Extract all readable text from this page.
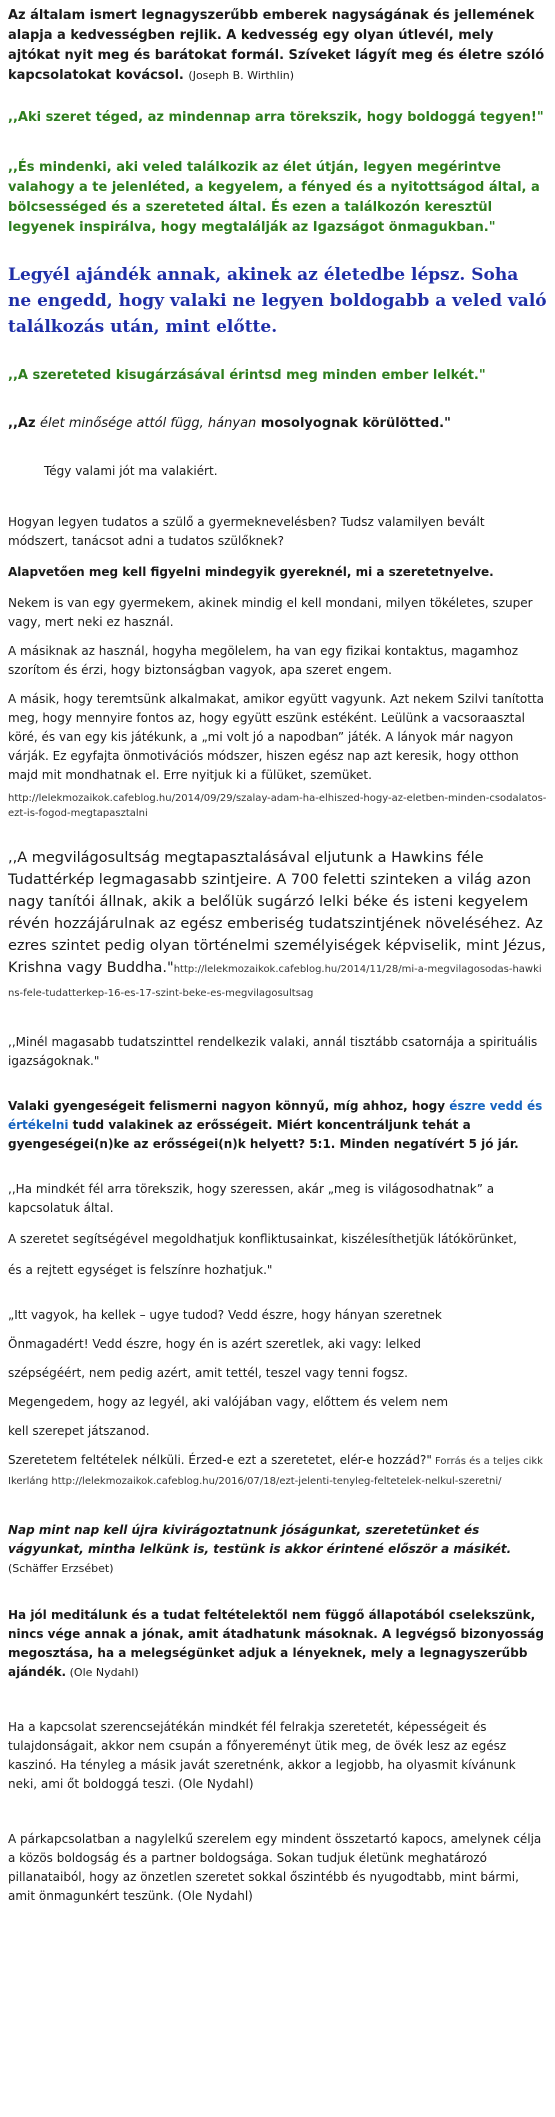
Az általam ismert legnagyszerűbb emberek nagyságának és jellemének alapja a kedvességben rejlik. A kedvesség egy olyan útlevél, mely ajtókat nyit meg és barátokat formál. Szíveket lágyít meg és életre szóló kapcsolatokat kovácsol. (Joseph B. Wirthlin)

,,Aki szeret téged, az mindennap arra törekszik, hogy boldoggá tegyen!"

,,És mindenki, aki veled találkozik az élet útján, legyen megérintve valahogy a te jelenléted, a kegyelem, a fényed és a nyitottságod által, a bölcsességed és a szereteted által. És ezen a találkozón keresztül legyenek inspirálva, hogy megtalálják az Igazságot önmagukban."

Legyél ajándék annak, akinek az életedbe lépsz. Soha ne engedd, hogy valaki ne legyen boldogabb a veled való találkozás után, mint előtte.

,,A szereteted kisugárzásával érintsd meg minden ember lelkét."

,,Az élet minősége attól függ, hányan mosolyognak körülötted."

Tégy valami jót ma valakiért.

Hogyan legyen tudatos a szülő a gyermeknevelésben? Tudsz valamilyen bevált módszert, tanácsot adni a tudatos szülőknek?

Alapvetően meg kell figyelni mindegyik gyereknél, mi a szeretetnyelve.

Nekem is van egy gyermekem, akinek mindig el kell mondani, milyen tökéletes, szuper vagy, mert neki ez használ.

A másiknak az használ, hogyha megölelem, ha van egy fizikai kontaktus, magamhoz szorítom és érzi, hogy biztonságban vagyok, apa szeret engem.

A másik, hogy teremtsünk alkalmakat, amikor együtt vagyunk. Azt nekem Szilvi tanította meg, hogy mennyire fontos az, hogy együtt eszünk estéként. Leülünk a vacsoraasztal köré, és van egy kis játékunk, a „mi volt jó a napodban” játék. A lányok már nagyon várják. Ez egyfajta önmotivációs módszer, hiszen egész nap azt keresik, hogy otthon majd mit mondhatnak el. Erre nyitjuk ki a fülüket, szemüket.

http://lelekmozaikok.cafeblog.hu/2014/09/29/szalay-adam-ha-elhiszed-hogy-az-eletben-minden-csodalatos-ezt-is-fogod-megtapasztalni

,,A megvilágosultság megtapasztalásával eljutunk a Hawkins féle Tudattérkép legmagasabb szintjeire. A 700 feletti szinteken a világ azon nagy tanítói állnak, akik a belőlük sugárzó lelki béke és isteni kegyelem révén hozzájárulnak az egész emberiség tudatszintjének növeléséhez. Az ezres szintet pedig olyan történelmi személyiségek képviselik, mint Jézus, Krishna vagy Buddha."http://lelekmozaikok.cafeblog.hu/2014/11/28/mi-a-megvilagosodas-hawkins-fele-tudatterkep-16-es-17-szint-beke-es-megvilagosultsag

,,Minél magasabb tudatszinttel rendelkezik valaki, annál tisztább csatornája a spirituális igazságoknak."

Valaki gyengeségeit felismerni nagyon könnyű, míg ahhoz, hogy észre vedd és értékelni tudd valakinek az erősségeit. Miért koncentráljunk tehát a gyengeségei(n)ke az erősségei(n)k helyett? 5:1. Minden negatívért 5 jó jár.

,,Ha mindkét fél arra törekszik, hogy szeressen, akár „meg is világosodhatnak” a kapcsolatuk által.

A szeretet segítségével megoldhatjuk konfliktusainkat, kiszélesíthetjük látókörünket,

és a rejtett egységet is felszínre hozhatjuk."

„Itt vagyok, ha kellek – ugye tudod? Vedd észre, hogy hányan szeretnek

Önmagadért! Vedd észre, hogy én is azért szeretlek, aki vagy: lelked

szépségéért, nem pedig azért, amit tettél, teszel vagy tenni fogsz.

Megengedem, hogy az legyél, aki valójában vagy, előttem és velem nem

kell szerepet játszanod.

Szeretetem feltételek nélküli. Érzed-e ezt a szeretetet, elér-e hozzád?" Forrás és a teljes cikk Ikerláng http://lelekmozaikok.cafeblog.hu/2016/07/18/ezt-jelenti-tenyleg-feltetelek-nelkul-szeretni/

Nap mint nap kell újra kivirágoztatnunk jóságunkat, szeretetünket és vágyunkat, mintha lelkünk is, testünk is akkor érintené először a másikét. (Schäffer Erzsébet)

Ha jól meditálunk és a tudat feltételektől nem függő állapotából cselekszünk, nincs vége annak a jónak, amit átadhatunk másoknak. A legvégső bizonyosság megosztása, ha a melegségünket adjuk a lényeknek, mely a legnagyszerűbb ajándék. (Ole Nydahl)

Ha a kapcsolat szerencsejátékán mindkét fél felrakja szeretetét, képességeit és tulajdonságait, akkor nem csupán a főnyereményt ütik meg, de övék lesz az egész kaszinó. Ha tényleg a másik javát szeretnénk, akkor a legjobb, ha olyasmit kívánunk neki, ami őt boldoggá teszi. (Ole Nydahl)

A párkapcsolatban a nagylelkű szerelem egy mindent összetartó kapocs, amelynek célja a közös boldogság és a partner boldogsága. Sokan tudjuk életünk meghatározó pillanataiból, hogy az önzetlen szeretet sokkal őszintébb és nyugodtabb, mint bármi, amit önmagunkért teszünk. (Ole Nydahl)
